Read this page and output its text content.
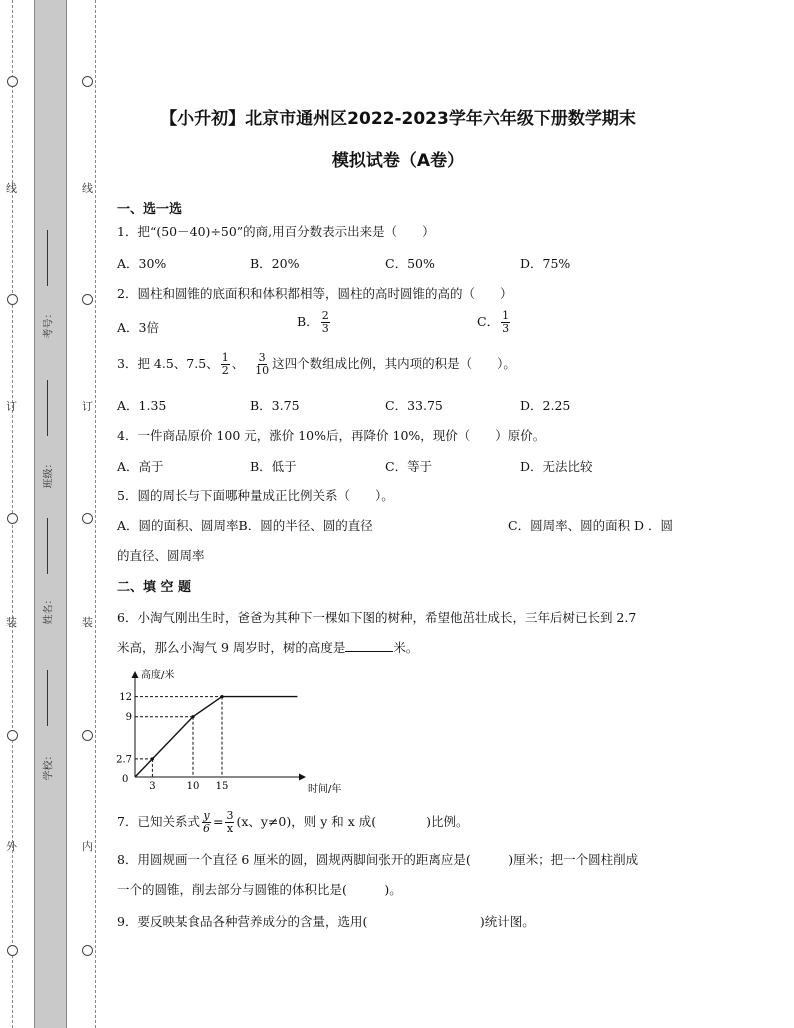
线
订
装
外
线
订
装
内
考号：
班级：
姓名：
学校：
【小升初】北京市通州区2022-2023学年六年级下册数学期末
模拟试卷（A卷）
一、选一选
1．把“(50－40)÷50”的商,用百分数表示出来是（　　）
A．30%	B．20%	C．50%	D．75%
2．圆柱和圆锥的底面积和体积都相等，圆柱的高时圆锥的高的（　　）
A．3倍	B． $\frac{2}{3}$	C． $\frac{1}{3}$
3．把 4.5、7.5、 $\frac{1}{2}$ 、 $\frac{3}{10}$ 这四个数组成比例，其内项的积是（　　）。
A．1.35	B．3.75	C．33.75	D．2.25
4．一件商品原价 100 元，涨价 10%后，再降价 10%，现价（　　）原价。
A．高于	B．低于	C．等于	D．无法比较
5．圆的周长与下面哪种量成正比例关系（　　）。
A．圆的面积、圆周率B．圆的半径、圆的直径	C．圆周率、圆的面积 D ．圆
的直径、圆周率
二、填 空 题
6．小淘气刚出生时，爸爸为其种下一棵如下图的树种，希望他茁壮成长，三年后树已长到 2.7
米高，那么小淘气 9 周岁时，树的高度是	米。
高度/米
时间/年
0
3	10 15
2.7
9
12
7．已知关系式 $\frac{y}{6} = \frac{3}{x} (x$、y≠0)，则 y 和 x 成(　　　　)比例。
8．用圆规画一个直径 6 厘米的圆，圆规两脚间张开的距离应是(　　　)厘米；把一个圆柱削成
一个的圆锥，削去部分与圆锥的体积比是(　　　)。
9．要反映某食品各种营养成分的含量，选用(　　　　　　　　　)统计图。
